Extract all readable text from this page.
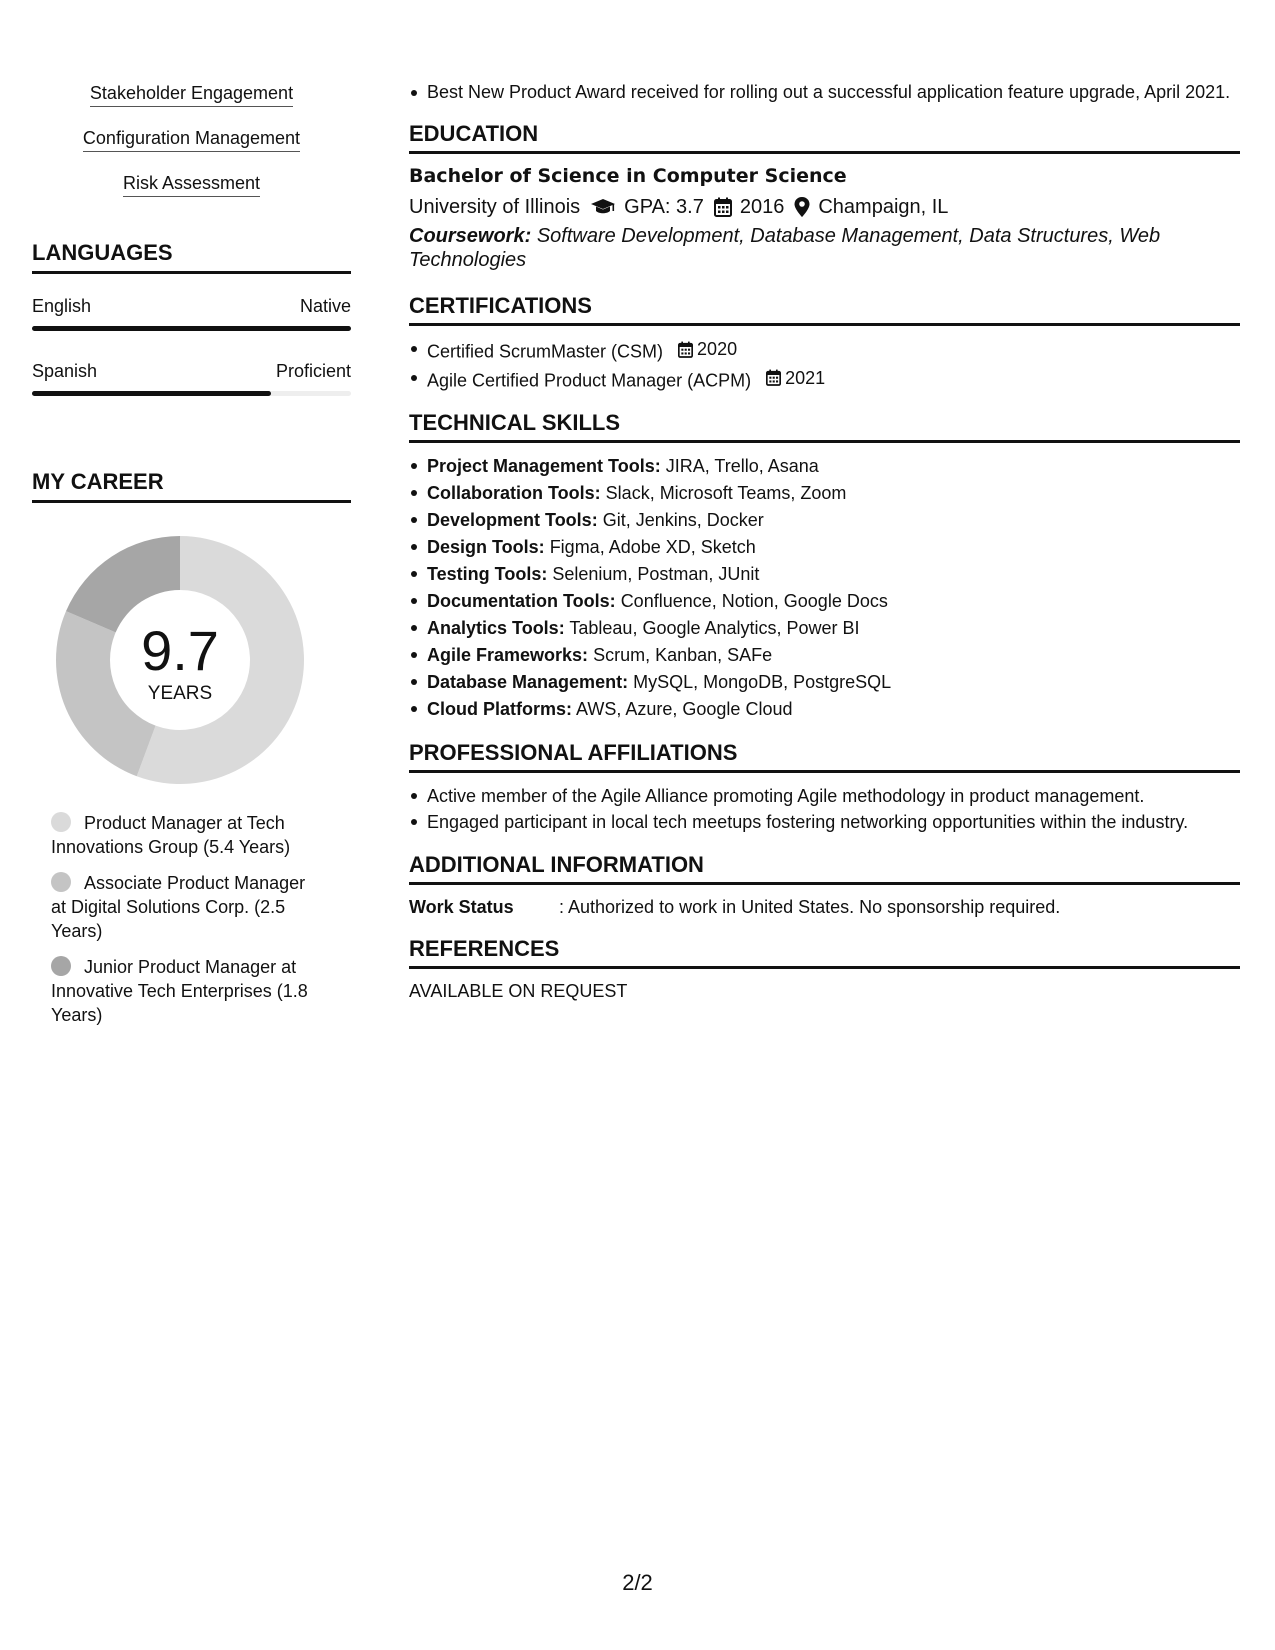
Stakeholder Engagement
Configuration Management
Risk Assessment
LANGUAGES
English	Native
Spanish	Proficient
MY CAREER
9.7
YEARS
Product Manager at Tech Innovations Group (5.4 Years)
Associate Product Manager at Digital Solutions Corp. (2.5 Years)
Junior Product Manager at Innovative Tech Enterprises (1.8 Years)
Best New Product Award received for rolling out a successful application feature upgrade, April 2021.
EDUCATION
Bachelor of Science in Computer Science
University of Illinois GPA: 3.7 2016 Champaign, IL
Coursework: Software Development, Database Management, Data Structures, Web Technologies
CERTIFICATIONS
Certified ScrumMaster (CSM) 2020
Agile Certified Product Manager (ACPM) 2021
TECHNICAL SKILLS
Project Management Tools: JIRA, Trello, Asana
Collaboration Tools: Slack, Microsoft Teams, Zoom
Development Tools: Git, Jenkins, Docker
Design Tools: Figma, Adobe XD, Sketch
Testing Tools: Selenium, Postman, JUnit
Documentation Tools: Confluence, Notion, Google Docs
Analytics Tools: Tableau, Google Analytics, Power BI
Agile Frameworks: Scrum, Kanban, SAFe
Database Management: MySQL, MongoDB, PostgreSQL
Cloud Platforms: AWS, Azure, Google Cloud
PROFESSIONAL AFFILIATIONS
Active member of the Agile Alliance promoting Agile methodology in product management.
Engaged participant in local tech meetups fostering networking opportunities within the industry.
ADDITIONAL INFORMATION
Work Status	: Authorized to work in United States. No sponsorship required.
REFERENCES
AVAILABLE ON REQUEST
2/2
